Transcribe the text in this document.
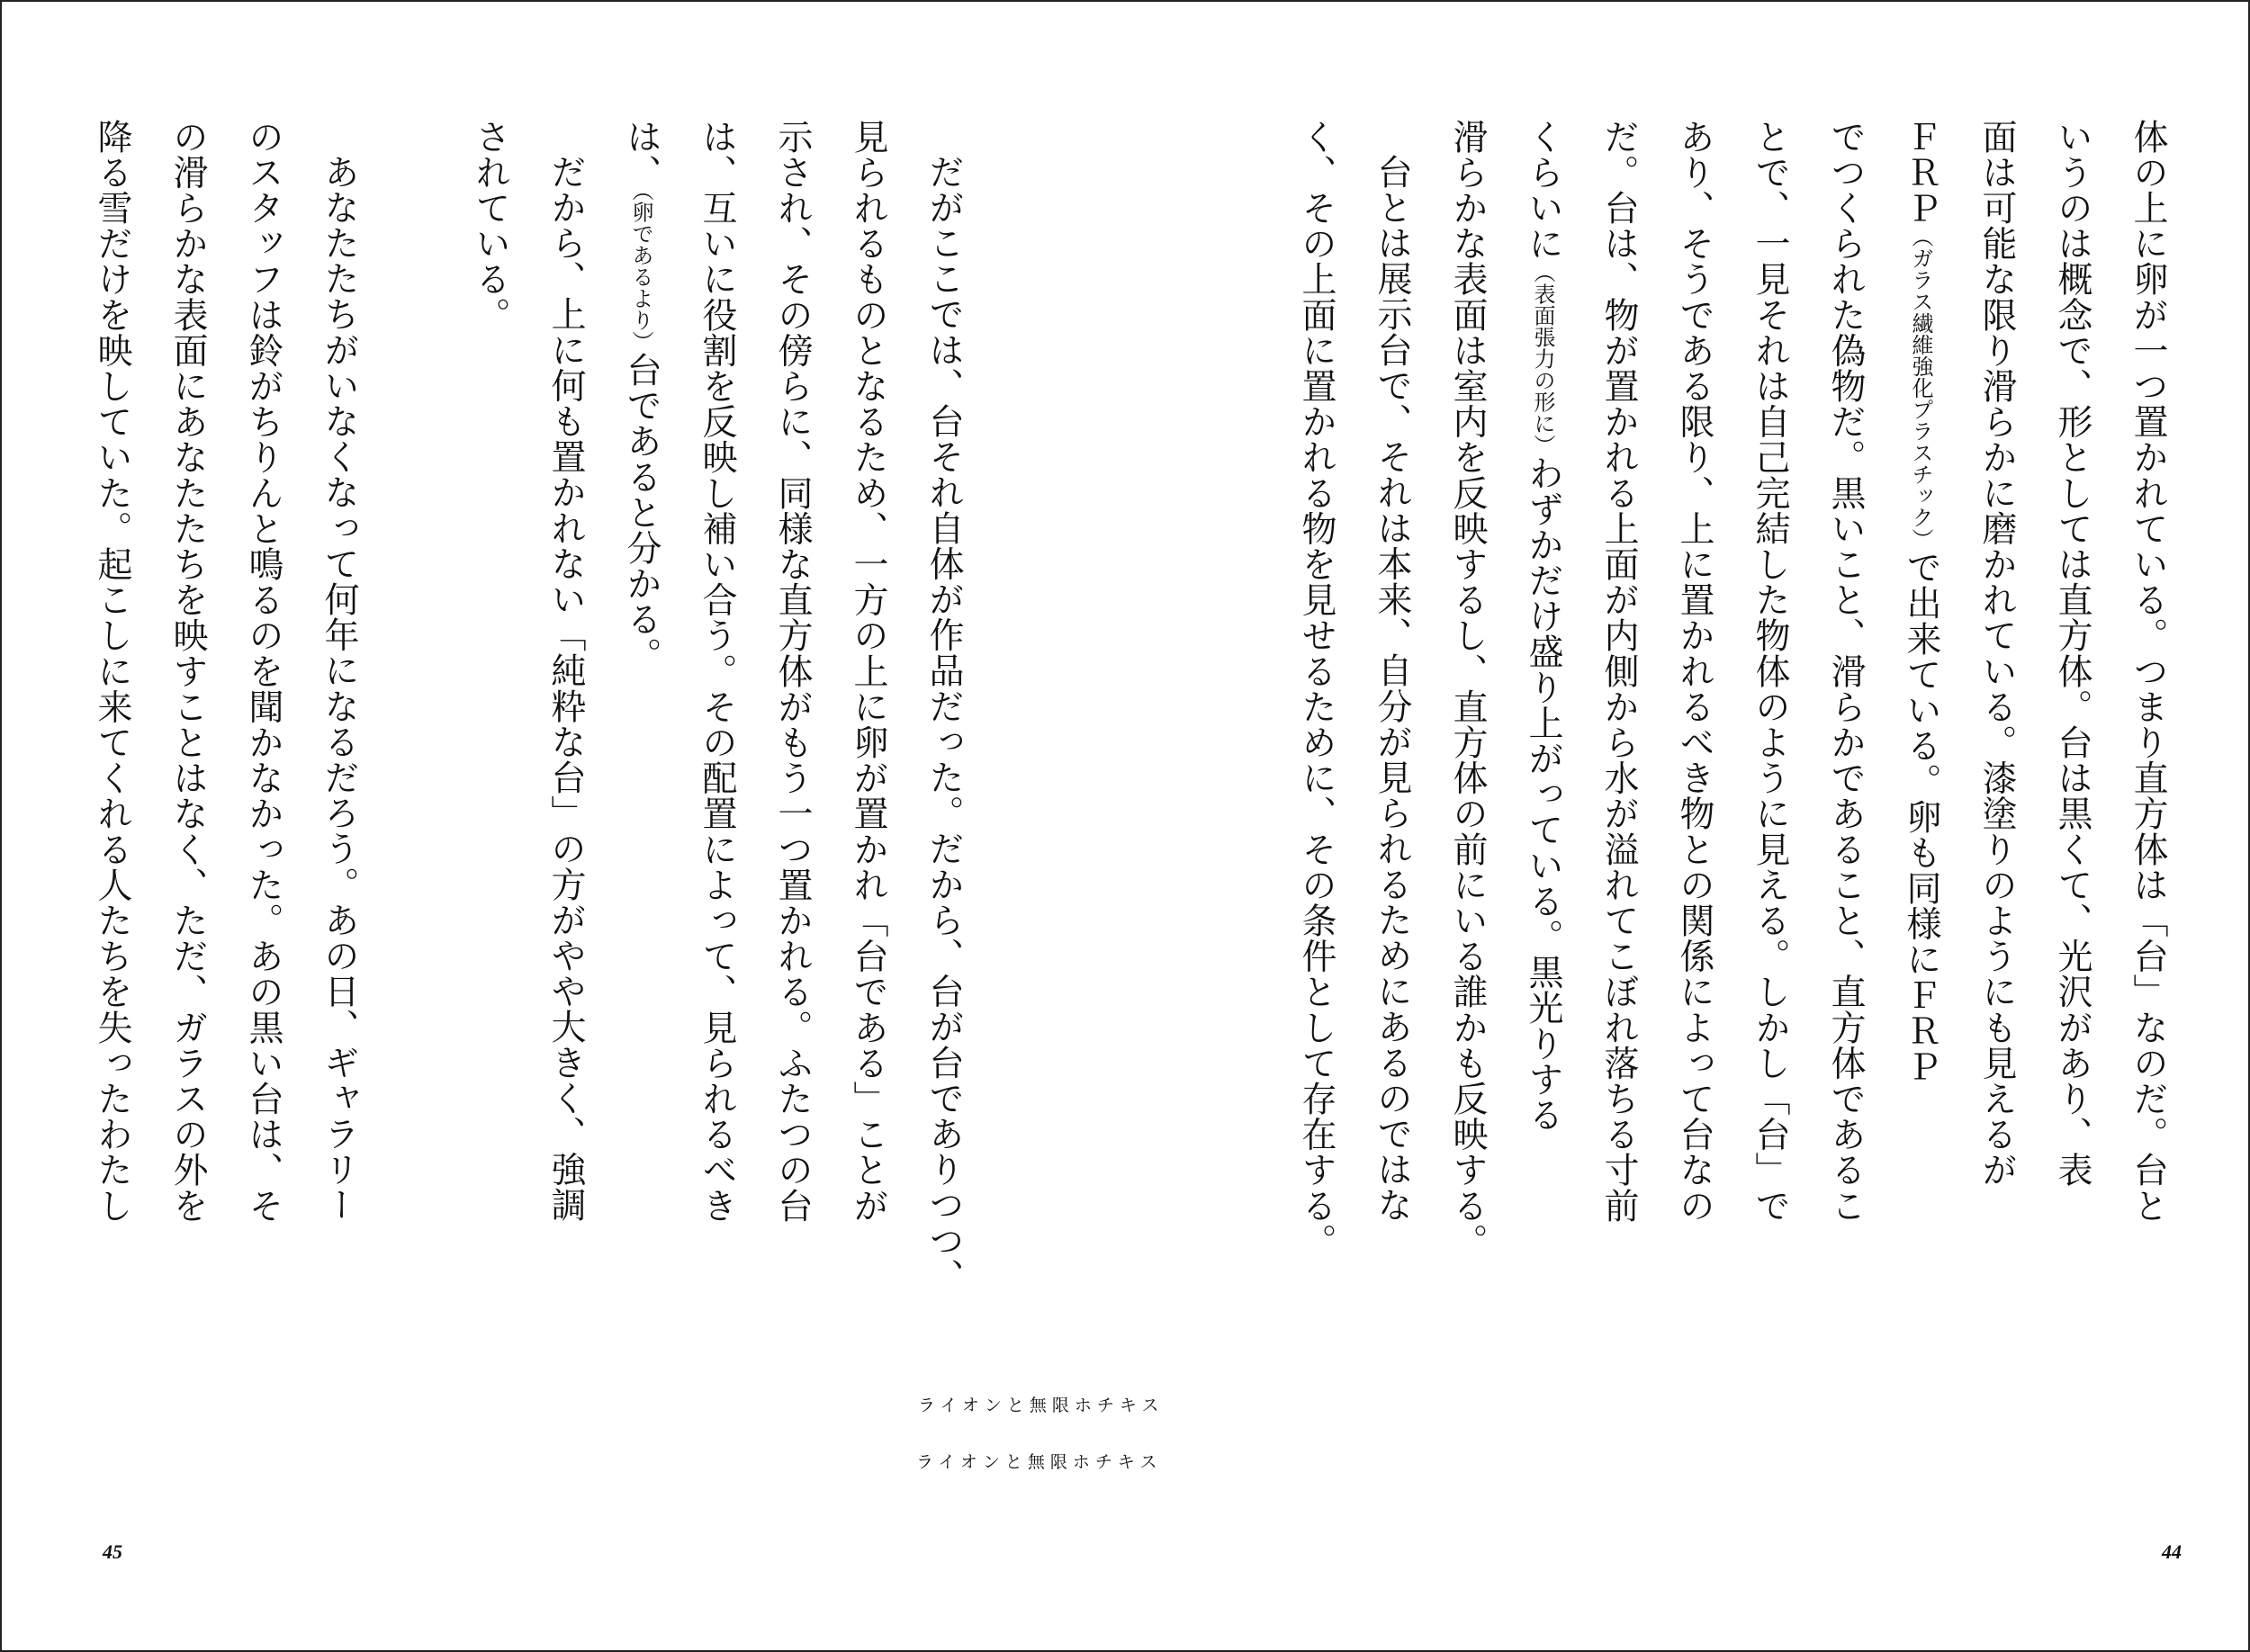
だがここでは、台それ自体が作品だった。だから、台が台でありつつ、
見られるものとなるため、一方の上に卵が置かれ「台である」ことが
示され、その傍らに、同様な直方体がもう一つ置かれる。ふたつの台
は、互いに役割を反映し補い合う。その配置によって、見られるべき
は、（卵であるより）台であると分かる。
だから、上に何も置かれない「純粋な台」の方がやや大きく、強調
されている。
あなたたちがいなくなって何年になるだろう。あの日、ギャラリー
のスタッフは鈴がちりんと鳴るのを聞かなかった。あの黒い台は、そ
の滑らかな表面にあなたたちを映すことはなく、ただ、ガラスの外を
降る雪だけを映していた。起こしに来てくれる人たちを失ったわたし
ライオンと無限ホチキス
45
体の上に卵が一つ置かれている。つまり直方体は「台」なのだ。台と
いうのは概念で、形としては直方体。台は黒くて、光沢があり、表
面は可能な限り滑らかに磨かれている。漆塗りのようにも見えるが
ＦＲＰ（ガラス繊維強化プラスチック）で出来ている。卵も同様にＦＲＰ
でつくられた偽物だ。黒いこと、滑らかであること、直方体であるこ
とで、一見それは自己完結した物体のように見える。しかし「台」で
あり、そうである限り、上に置かれるべき物との関係によって台なの
だ。台は、物が置かれる上面が内側から水が溢れてこぼれ落ちる寸前
くらいに（表面張力の形に）わずかだけ盛り上がっている。黒光りする
滑らかな表面は室内を反映するし、直方体の前にいる誰かも反映する。
台とは展示台で、それは本来、自分が見られるためにあるのではな
く、その上面に置かれる物を見せるために、その条件として存在する。
ライオンと無限ホチキス
44
